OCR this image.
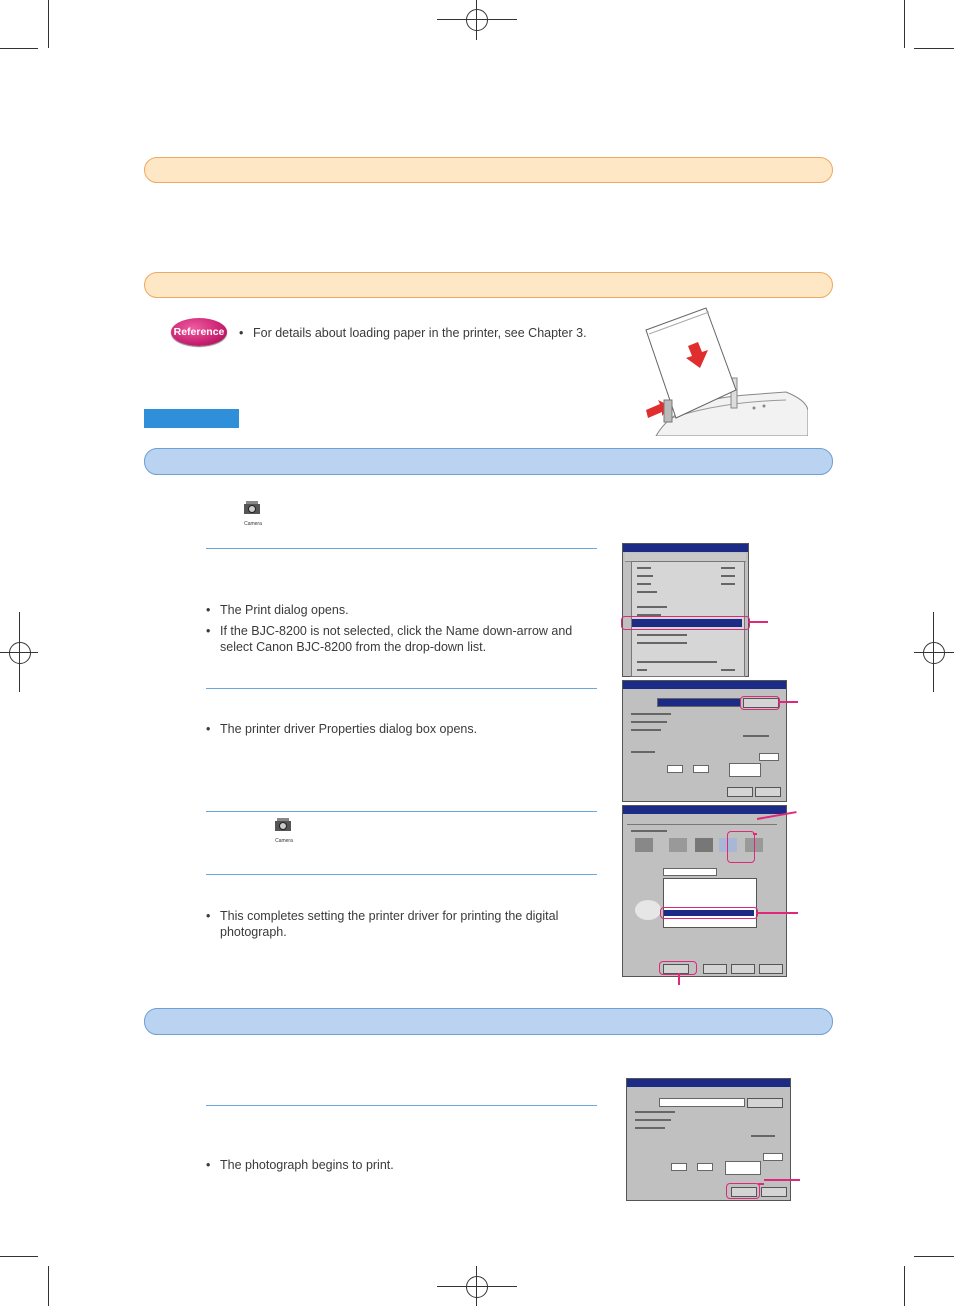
Reference
• For details about loading paper in the printer, see Chapter 3.
Camera
• The Print dialog opens.
• If the BJC-8200 is not selected, click the Name down-arrow and select Canon BJC-8200 from the drop-down list.
• The printer driver Properties dialog box opens.
Camera
• This completes setting the printer driver for printing the digital photograph.
• The photograph begins to print.
